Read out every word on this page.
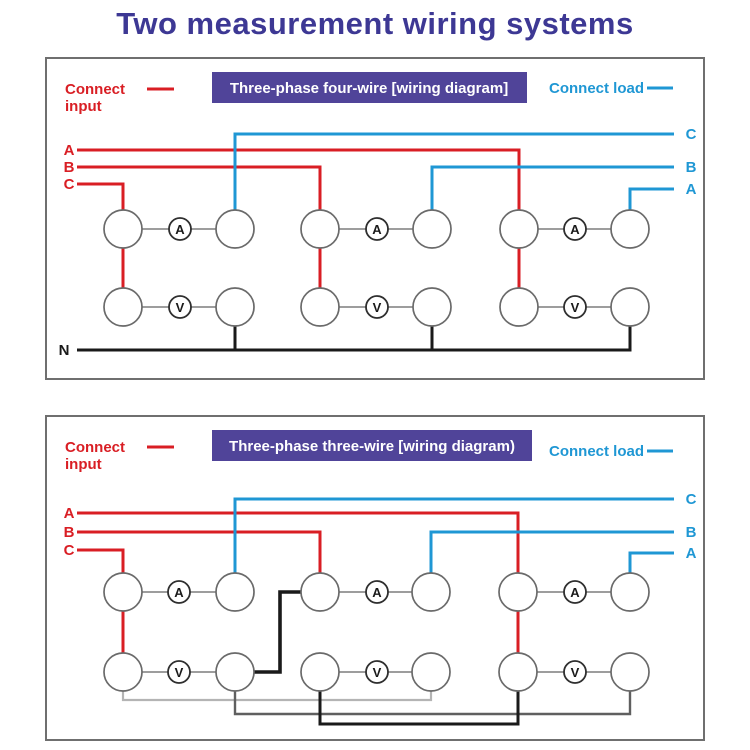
Two measurement wiring systems
Three-phase four-wire [wiring diagram]
Connect
input
Connect load
A
B
C
C
B
A
N
A	A	A
V	V	V
Three-phase three-wire [wiring diagram)
Connect
input
Connect load
A
B
C
C
B
A
A	A	A
V	V	V
